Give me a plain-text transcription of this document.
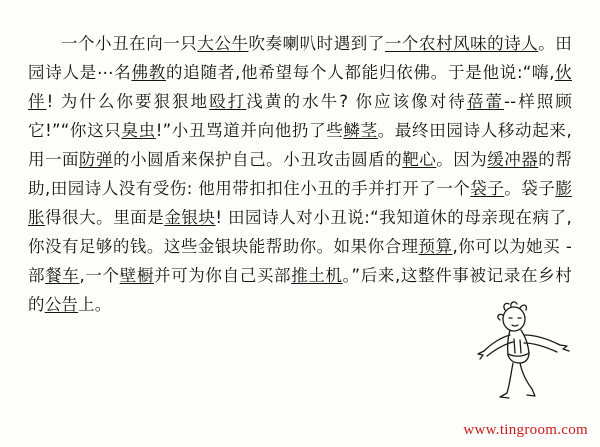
一个小丑在向一只大公牛吹奏喇叭时遇到了一个农村风味的诗人。田园诗人是⋯名佛教的追随者,他希望每个人都能归依佛。于是他说:“嗨,伙伴! 为什么你要狠狠地殴打浅黄的水牛? 你应该像对待蓓蕾--样照顾它!”“你这只臭虫!”小丑骂道并向他扔了些鳞茎。最终田园诗人移动起来,用一面防弹的小圆盾来保护自己。小丑攻击圆盾的靶心。因为缓冲器的帮助,田园诗人没有受伤: 他用带扣扣住小丑的手并打开了一个袋子。袋子膨胀得很大。里面是金银块! 田园诗人对小丑说:“我知道休的母亲现在病了,你没有足够的钱。这些金银块能帮助你。如果你合理预算,你可以为她买 -部餐车,一个壁橱并可为你自己买部推土机。”后来,这整件事被记录在乡村的公告上。

www.tingroom.com
